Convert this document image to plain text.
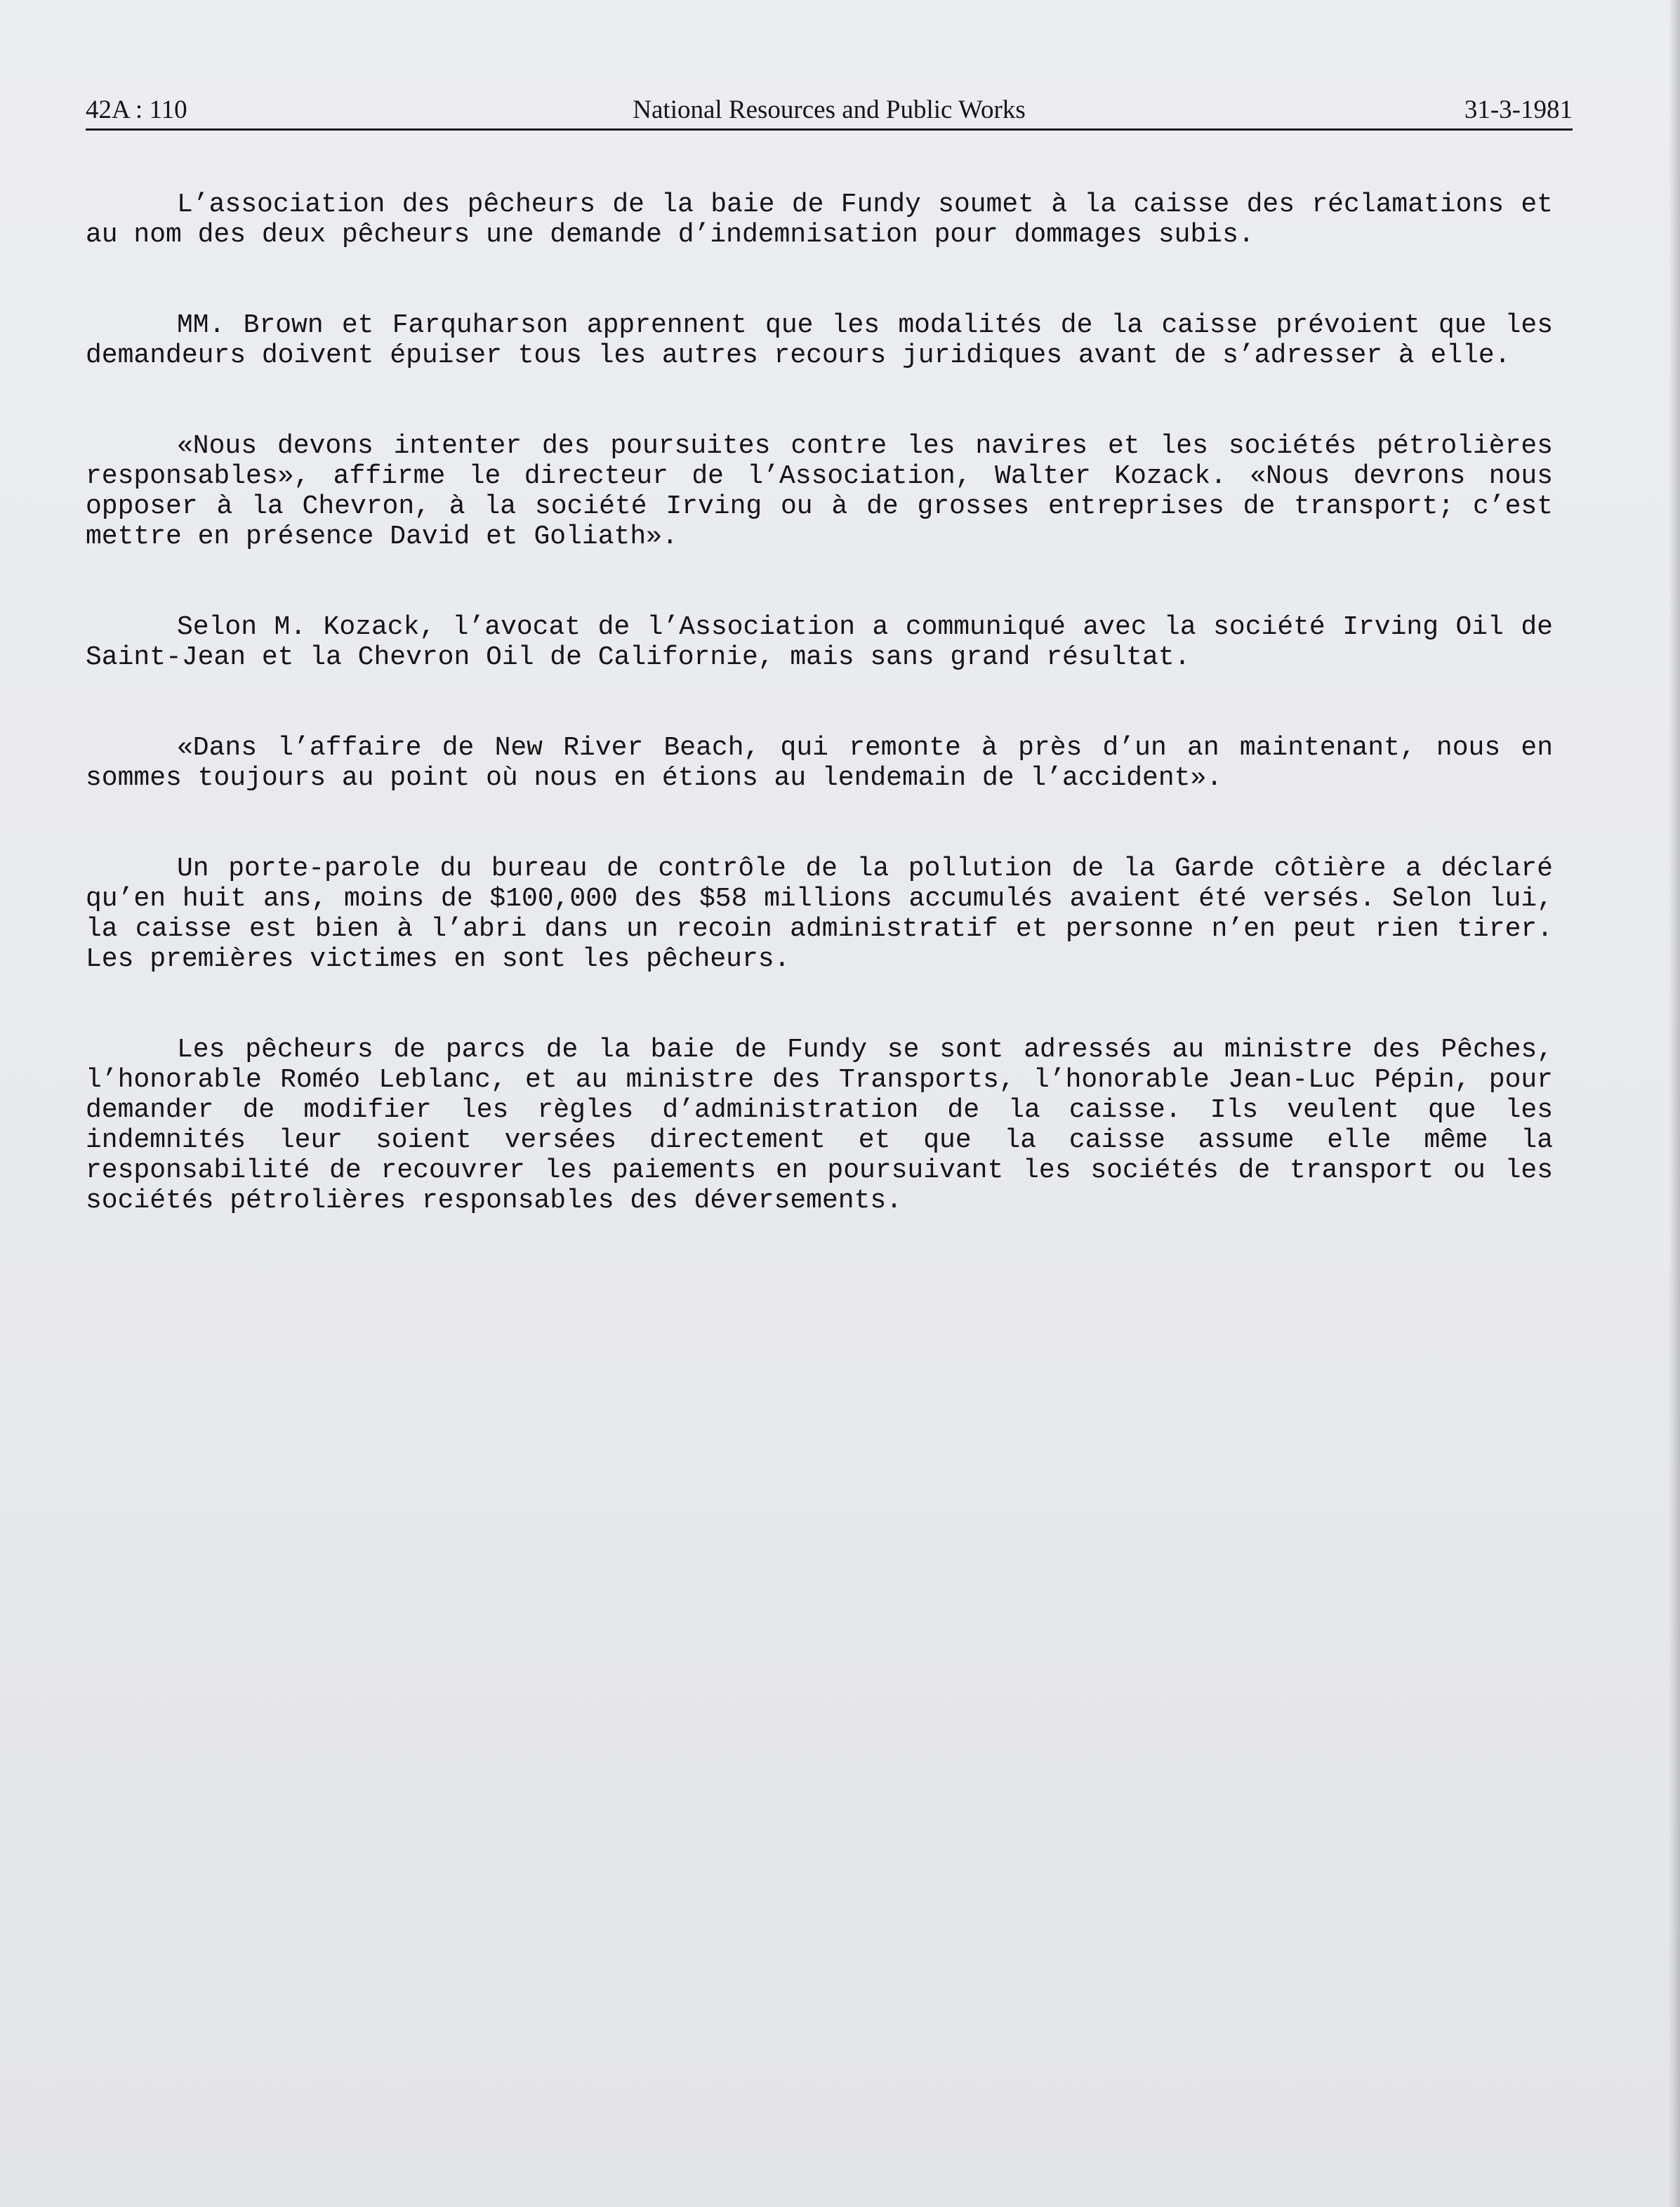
National Resources and Public Works
42A : 110	31-3-1981

L’association des pêcheurs de la baie de Fundy soumet à la caisse des réclamations et au nom des deux pêcheurs une demande d’indemnisation pour dommages subis.

MM. Brown et Farquharson apprennent que les modalités de la caisse prévoient que les demandeurs doivent épuiser tous les autres recours juridiques avant de s’adresser à elle.

«Nous devons intenter des poursuites contre les navires et les sociétés pétrolières responsables», affirme le directeur de l’Association, Walter Kozack. «Nous devrons nous opposer à la Chevron, à la société Irving ou à de grosses entreprises de transport; c’est mettre en présence David et Goliath».

Selon M. Kozack, l’avocat de l’Association a communiqué avec la société Irving Oil de Saint-Jean et la Chevron Oil de Californie, mais sans grand résultat.

«Dans l’affaire de New River Beach, qui remonte à près d’un an maintenant, nous en sommes toujours au point où nous en étions au lendemain de l’accident».

Un porte-parole du bureau de contrôle de la pollution de la Garde côtière a déclaré qu’en huit ans, moins de $100,000 des $58 millions accumulés avaient été versés. Selon lui, la caisse est bien à l’abri dans un recoin administratif et personne n’en peut rien tirer. Les premières victimes en sont les pêcheurs.

Les pêcheurs de parcs de la baie de Fundy se sont adressés au ministre des Pêches, l’honorable Roméo Leblanc, et au ministre des Transports, l’honorable Jean-Luc Pépin, pour demander de modifier les règles d’administration de la caisse. Ils veulent que les indemnités leur soient versées directement et que la caisse assume elle même la responsabilité de recouvrer les paiements en poursuivant les sociétés de transport ou les sociétés pétrolières responsables des déversements.
